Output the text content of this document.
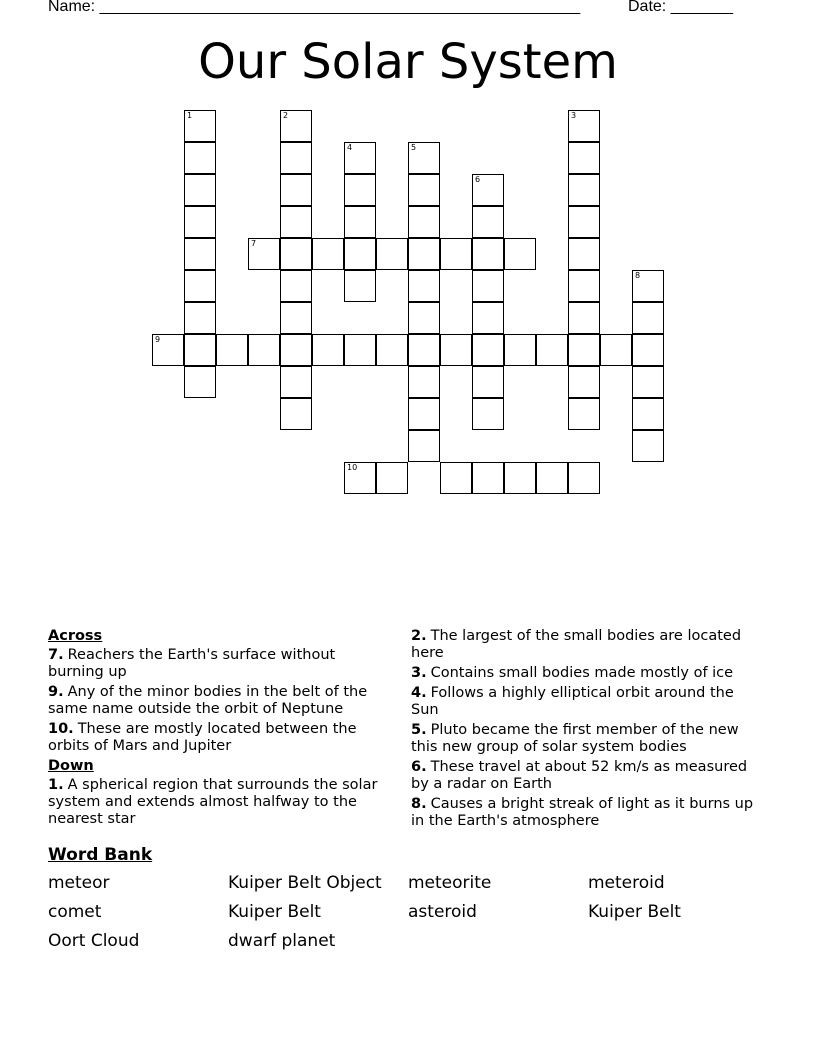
Name: ______________________________________________________	Date: _______
Our Solar System
1	2
4	5
6
3
8
7
9
10
Across
7. Reachers the Earth's surface without burning up
9. Any of the minor bodies in the belt of the same name outside the orbit of Neptune
10. These are mostly located between the orbits of Mars and Jupiter
Down
1. A spherical region that surrounds the solar system and extends almost halfway to the nearest star
2. The largest of the small bodies are located here
3. Contains small bodies made mostly of ice
4. Follows a highly elliptical orbit around the Sun
5. Pluto became the first member of the new this new group of solar system bodies
6. These travel at about 52 km/s as measured by a radar on Earth
8. Causes a bright streak of light as it burns up in the Earth's atmosphere
Word Bank
meteor	Kuiper Belt Object	meteorite	meteroid
comet	Kuiper Belt	asteroid	Kuiper Belt
Oort Cloud	dwarf planet
